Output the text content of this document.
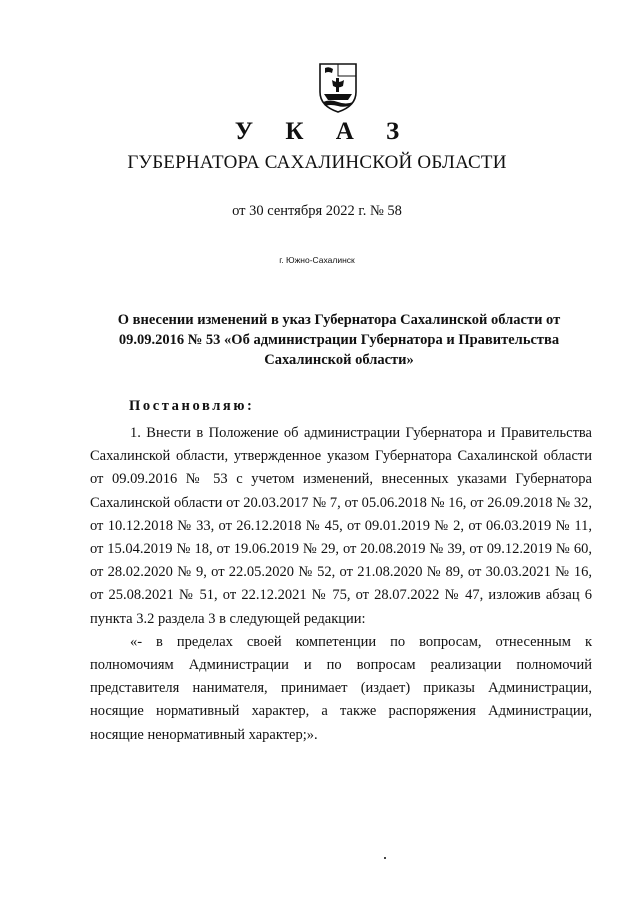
У К А З
ГУБЕРНАТОРА САХАЛИНСКОЙ ОБЛАСТИ
от 30 сентября 2022 г. № 58
г. Южно-Сахалинск
О внесении изменений в указ Губернатора Сахалинской области от 09.09.2016 № 53 «Об администрации Губернатора и Правительства Сахалинской области»
Постановляю:

1. Внести в Положение об администрации Губернатора и Правительства Сахалинской области, утвержденное указом Губернатора Сахалинской области от 09.09.2016 № 53 с учетом изменений, внесенных указами Губернатора Сахалинской области от 20.03.2017 № 7, от 05.06.2018 № 16, от 26.09.2018 № 32, от 10.12.2018 № 33, от 26.12.2018 № 45, от 09.01.2019 № 2, от 06.03.2019 № 11, от 15.04.2019 № 18, от 19.06.2019 № 29, от 20.08.2019 № 39, от 09.12.2019 № 60, от 28.02.2020 № 9, от 22.05.2020 № 52, от 21.08.2020 № 89, от 30.03.2021 № 16, от 25.08.2021 № 51, от 22.12.2021 № 75, от 28.07.2022 № 47, изложив абзац 6 пункта 3.2 раздела 3 в следующей редакции:

«- в пределах своей компетенции по вопросам, отнесенным к полномочиям Администрации и по вопросам реализации полномочий представителя нанимателя, принимает (издает) приказы Администрации, носящие нормативный характер, а также распоряжения Администрации, носящие ненормативный характер;».
